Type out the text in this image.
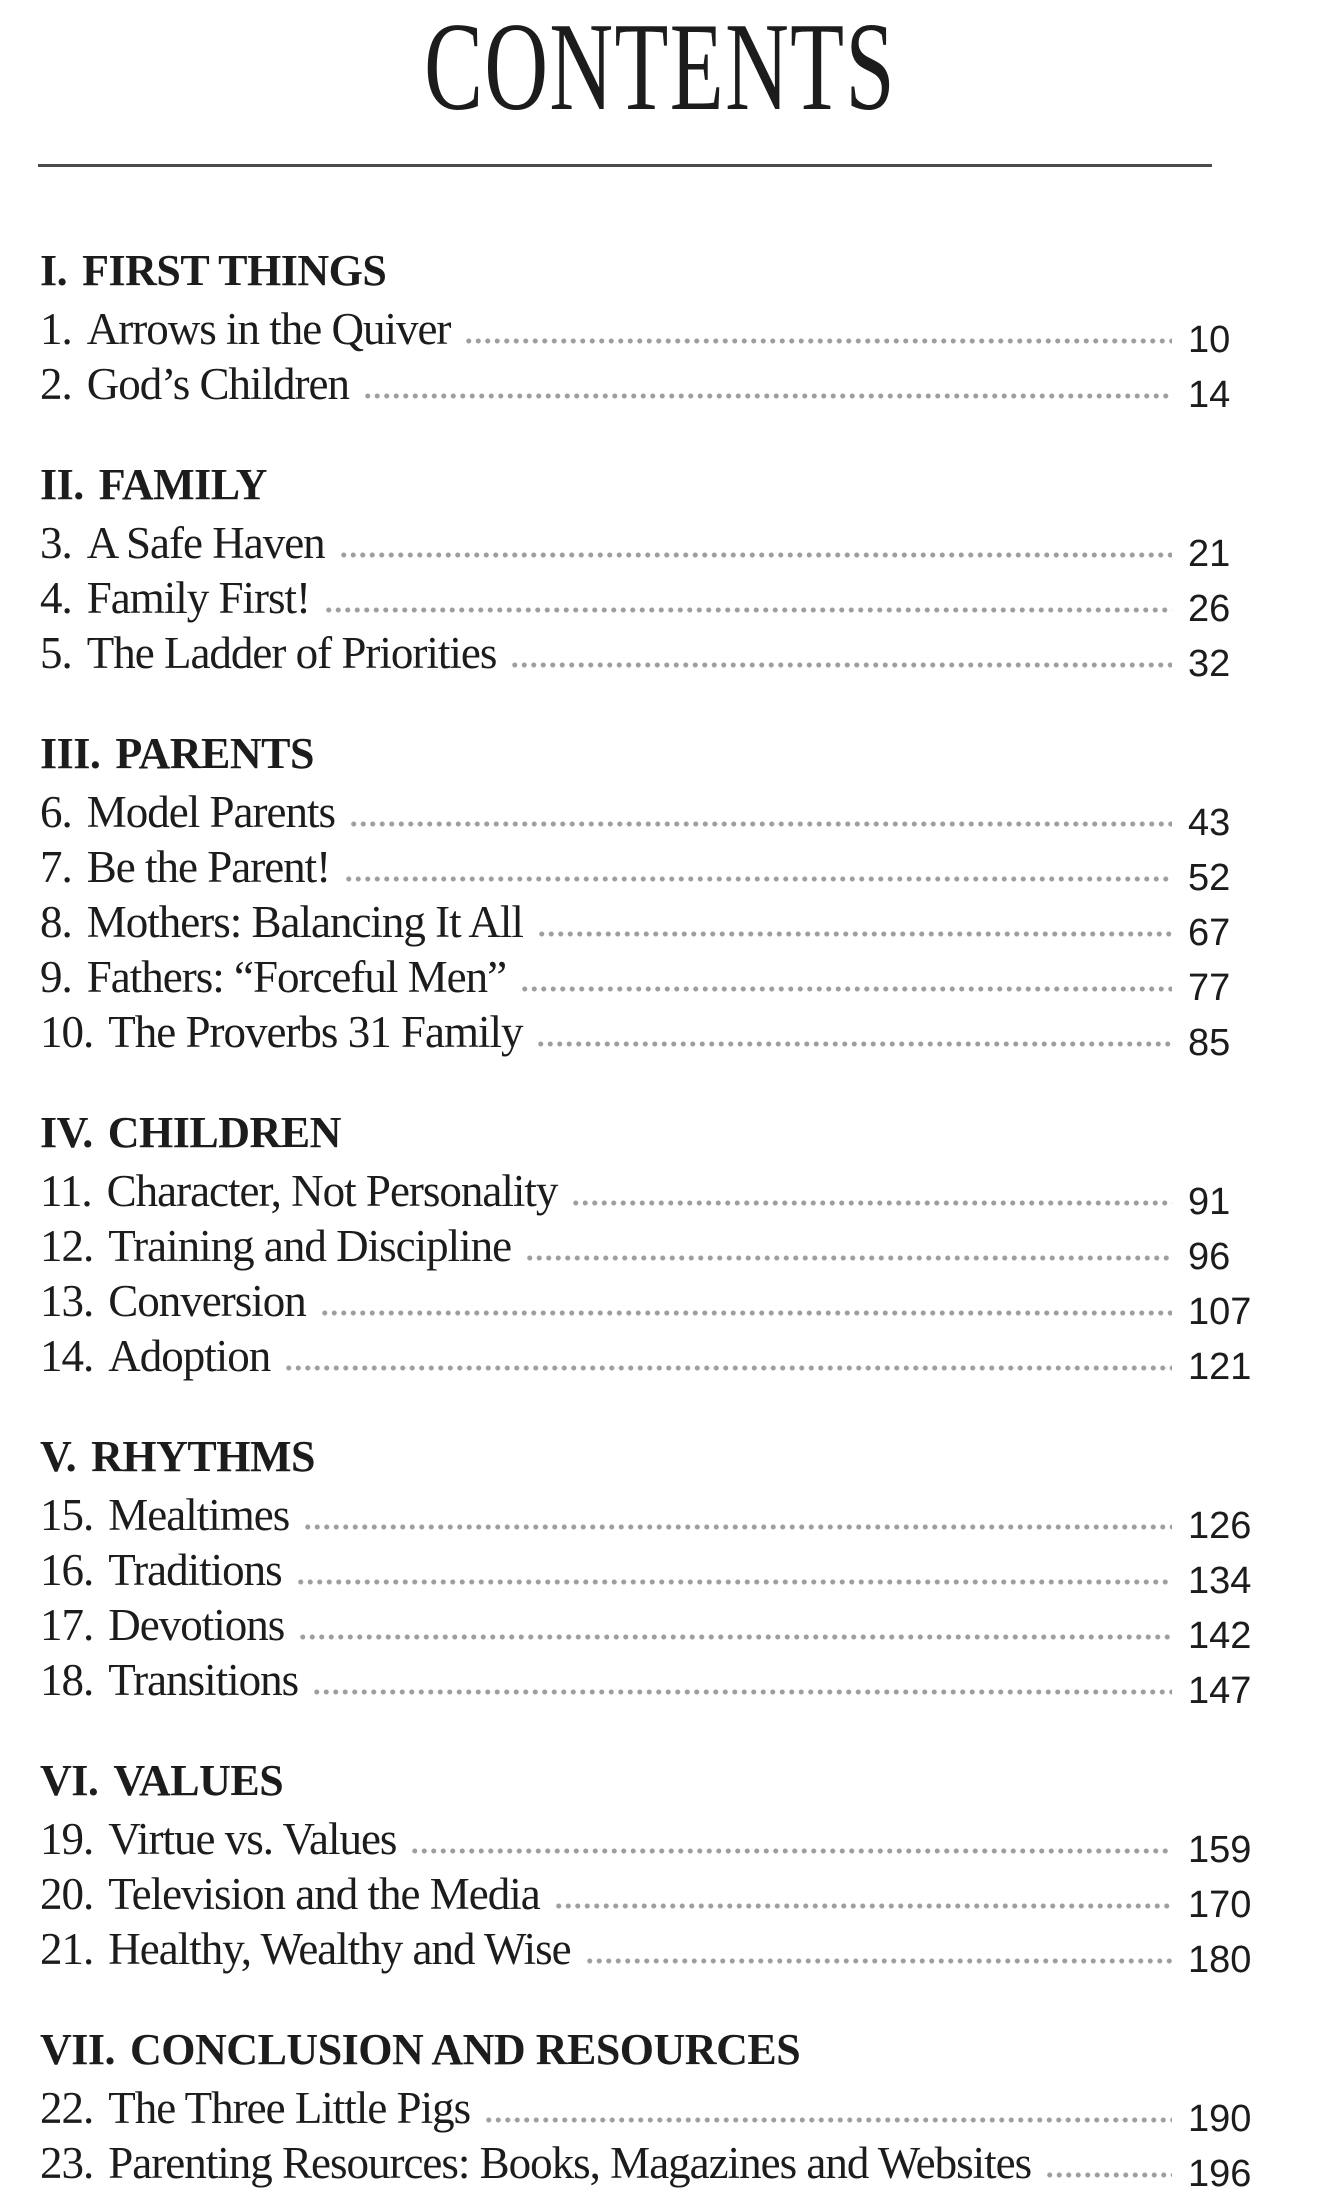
CONTENTS
I. FIRST THINGS
1. Arrows in the Quiver	10
2. God’s Children	14
II. FAMILY
3. A Safe Haven	21
4. Family First!	26
5. The Ladder of Priorities	32
III. PARENTS
6. Model Parents	43
7. Be the Parent!	52
8. Mothers: Balancing It All	67
9. Fathers: “Forceful Men”	77
10. The Proverbs 31 Family	85
IV. CHILDREN
11. Character, Not Personality	91
12. Training and Discipline	96
13. Conversion	107
14. Adoption	121
V. RHYTHMS
15. Mealtimes	126
16. Traditions	134
17. Devotions	142
18. Transitions	147
VI. VALUES
19. Virtue vs. Values	159
20. Television and the Media	170
21. Healthy, Wealthy and Wise	180
VII. CONCLUSION AND RESOURCES
22. The Three Little Pigs	190
23. Parenting Resources: Books, Magazines and Websites	196
